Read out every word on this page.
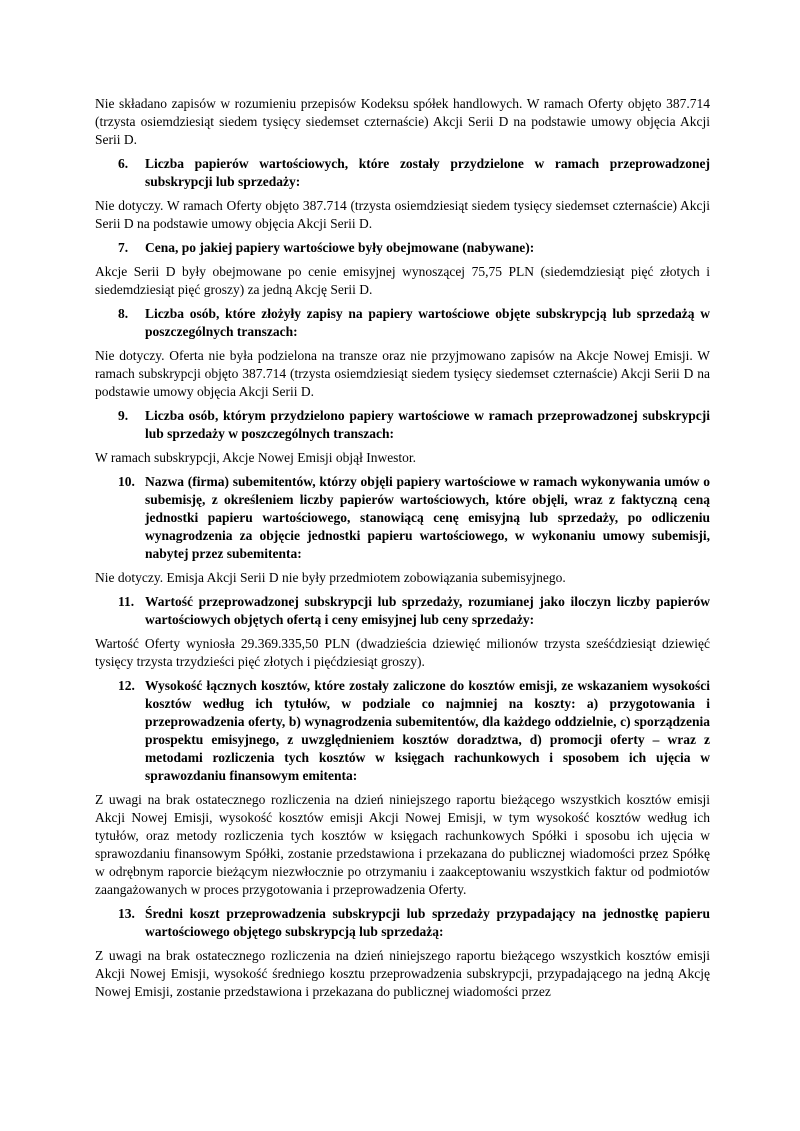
Nie składano zapisów w rozumieniu przepisów Kodeksu spółek handlowych. W ramach Oferty objęto 387.714 (trzysta osiemdziesiąt siedem tysięcy siedemset czternaście) Akcji Serii D na podstawie umowy objęcia Akcji Serii D.

6. Liczba papierów wartościowych, które zostały przydzielone w ramach przeprowadzonej subskrypcji lub sprzedaży:

Nie dotyczy. W ramach Oferty objęto 387.714 (trzysta osiemdziesiąt siedem tysięcy siedemset czternaście) Akcji Serii D na podstawie umowy objęcia Akcji Serii D.

7. Cena, po jakiej papiery wartościowe były obejmowane (nabywane):

Akcje Serii D były obejmowane po cenie emisyjnej wynoszącej 75,75 PLN (siedemdziesiąt pięć złotych i siedemdziesiąt pięć groszy) za jedną Akcję Serii D.

8. Liczba osób, które złożyły zapisy na papiery wartościowe objęte subskrypcją lub sprzedażą w poszczególnych transzach:

Nie dotyczy. Oferta nie była podzielona na transze oraz nie przyjmowano zapisów na Akcje Nowej Emisji. W ramach subskrypcji objęto 387.714 (trzysta osiemdziesiąt siedem tysięcy siedemset czternaście) Akcji Serii D na podstawie umowy objęcia Akcji Serii D.

9. Liczba osób, którym przydzielono papiery wartościowe w ramach przeprowadzonej subskrypcji lub sprzedaży w poszczególnych transzach:

W ramach subskrypcji, Akcje Nowej Emisji objął Inwestor.

10. Nazwa (firma) subemitentów, którzy objęli papiery wartościowe w ramach wykonywania umów o subemisję, z określeniem liczby papierów wartościowych, które objęli, wraz z faktyczną ceną jednostki papieru wartościowego, stanowiącą cenę emisyjną lub sprzedaży, po odliczeniu wynagrodzenia za objęcie jednostki papieru wartościowego, w wykonaniu umowy subemisji, nabytej przez subemitenta:

Nie dotyczy. Emisja Akcji Serii D nie były przedmiotem zobowiązania subemisyjnego.

11. Wartość przeprowadzonej subskrypcji lub sprzedaży, rozumianej jako iloczyn liczby papierów wartościowych objętych ofertą i ceny emisyjnej lub ceny sprzedaży:

Wartość Oferty wyniosła 29.369.335,50 PLN (dwadzieścia dziewięć milionów trzysta sześćdziesiąt dziewięć tysięcy trzysta trzydzieści pięć złotych i pięćdziesiąt groszy).

12. Wysokość łącznych kosztów, które zostały zaliczone do kosztów emisji, ze wskazaniem wysokości kosztów według ich tytułów, w podziale co najmniej na koszty: a) przygotowania i przeprowadzenia oferty, b) wynagrodzenia subemitentów, dla każdego oddzielnie, c) sporządzenia prospektu emisyjnego, z uwzględnieniem kosztów doradztwa, d) promocji oferty – wraz z metodami rozliczenia tych kosztów w księgach rachunkowych i sposobem ich ujęcia w sprawozdaniu finansowym emitenta:

Z uwagi na brak ostatecznego rozliczenia na dzień niniejszego raportu bieżącego wszystkich kosztów emisji Akcji Nowej Emisji, wysokość kosztów emisji Akcji Nowej Emisji, w tym wysokość kosztów według ich tytułów, oraz metody rozliczenia tych kosztów w księgach rachunkowych Spółki i sposobu ich ujęcia w sprawozdaniu finansowym Spółki, zostanie przedstawiona i przekazana do publicznej wiadomości przez Spółkę w odrębnym raporcie bieżącym niezwłocznie po otrzymaniu i zaakceptowaniu wszystkich faktur od podmiotów zaangażowanych w proces przygotowania i przeprowadzenia Oferty.

13. Średni koszt przeprowadzenia subskrypcji lub sprzedaży przypadający na jednostkę papieru wartościowego objętego subskrypcją lub sprzedażą:

Z uwagi na brak ostatecznego rozliczenia na dzień niniejszego raportu bieżącego wszystkich kosztów emisji Akcji Nowej Emisji, wysokość średniego kosztu przeprowadzenia subskrypcji, przypadającego na jedną Akcję Nowej Emisji, zostanie przedstawiona i przekazana do publicznej wiadomości przez
